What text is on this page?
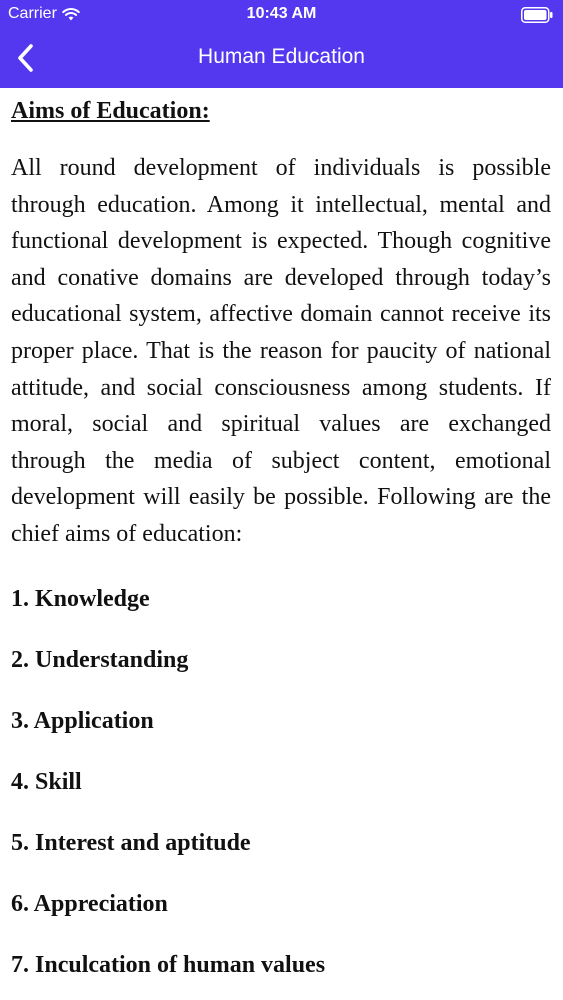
Carrier	10:43 AM
Human Education
Aims of Education:

All round development of individuals is possible through education. Among it intellectual, mental and functional development is expected. Though cognitive and conative domains are developed through today’s educational system, affective domain cannot receive its proper place. That is the reason for paucity of national attitude, and social consciousness among students. If moral, social and spiritual values are exchanged through the media of subject content, emotional development will easily be possible. Following are the chief aims of education:

1. Knowledge
2. Understanding
3. Application
4. Skill
5. Interest and aptitude
6. Appreciation
7. Inculcation of human values
